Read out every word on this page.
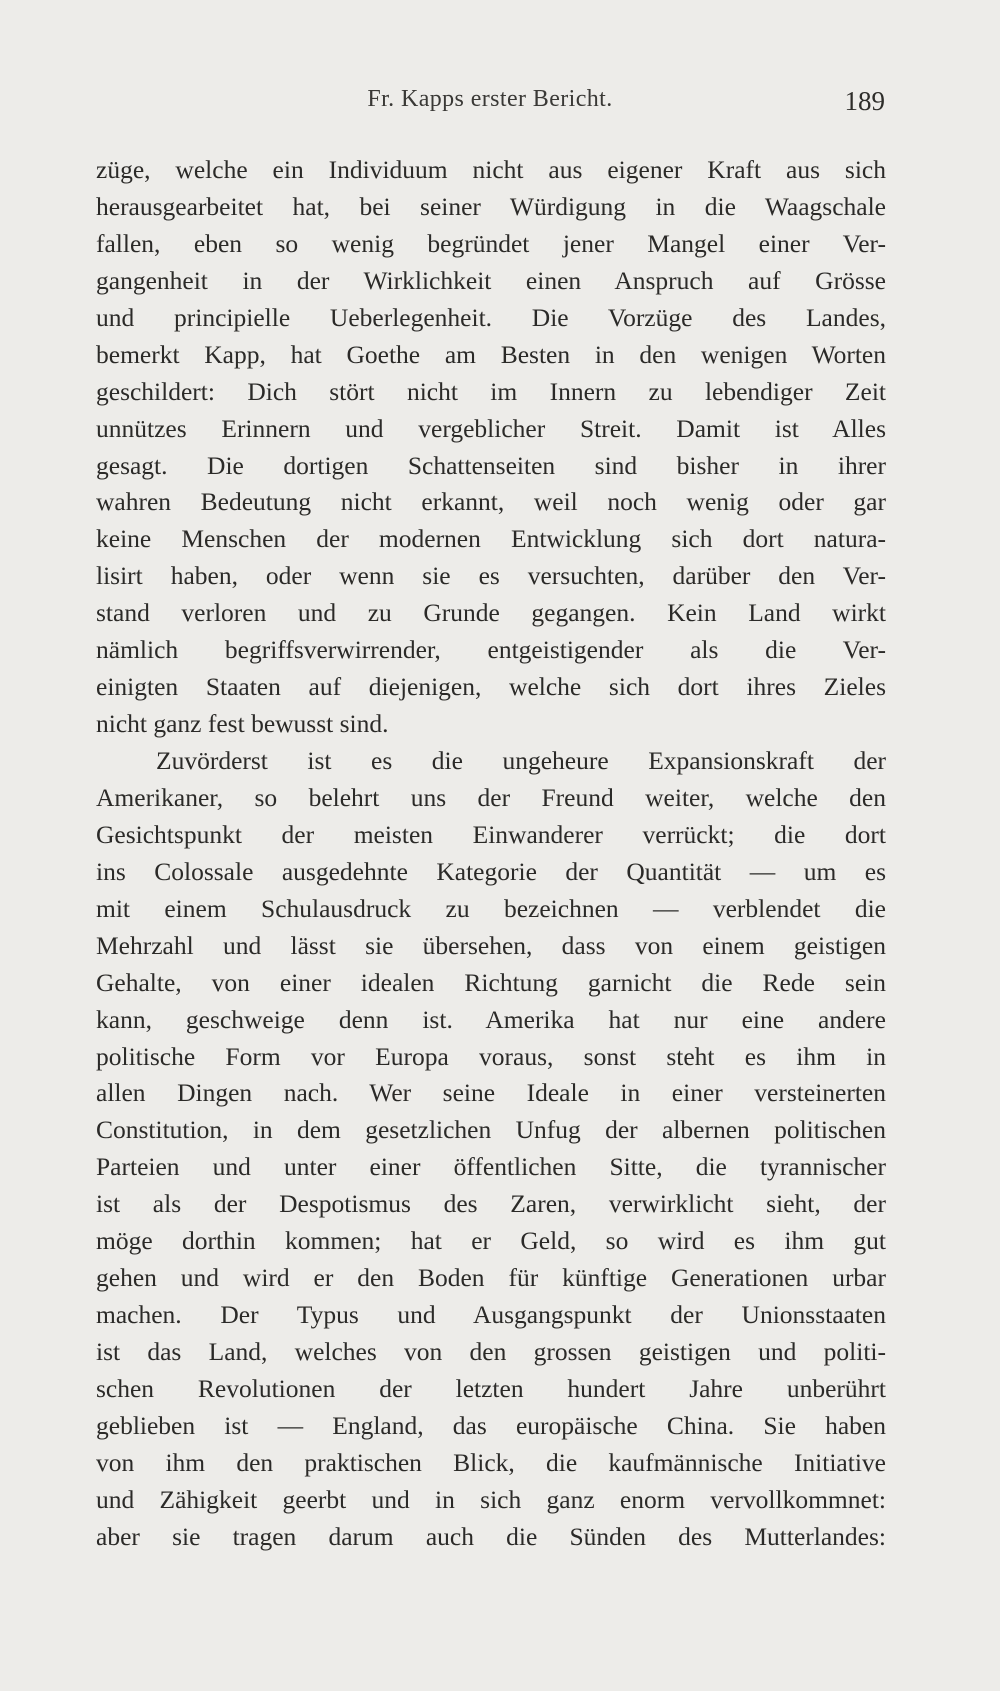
Fr. Kapps erster Bericht.	189
züge, welche ein Individuum nicht aus eigener Kraft aus sich
herausgearbeitet hat, bei seiner Würdigung in die Waagschale
fallen, eben so wenig begründet jener Mangel einer Ver-
gangenheit in der Wirklichkeit einen Anspruch auf Grösse
und principielle Ueberlegenheit. Die Vorzüge des Landes,
bemerkt Kapp, hat Goethe am Besten in den wenigen Worten
geschildert: Dich stört nicht im Innern zu lebendiger Zeit
unnützes Erinnern und vergeblicher Streit. Damit ist Alles
gesagt. Die dortigen Schattenseiten sind bisher in ihrer
wahren Bedeutung nicht erkannt, weil noch wenig oder gar
keine Menschen der modernen Entwicklung sich dort natura-
lisirt haben, oder wenn sie es versuchten, darüber den Ver-
stand verloren und zu Grunde gegangen. Kein Land wirkt
nämlich begriffsverwirrender, entgeistigender als die Ver-
einigten Staaten auf diejenigen, welche sich dort ihres Zieles
nicht ganz fest bewusst sind.
Zuvörderst ist es die ungeheure Expansionskraft der
Amerikaner, so belehrt uns der Freund weiter, welche den
Gesichtspunkt der meisten Einwanderer verrückt; die dort
ins Colossale ausgedehnte Kategorie der Quantität — um es
mit einem Schulausdruck zu bezeichnen — verblendet die
Mehrzahl und lässt sie übersehen, dass von einem geistigen
Gehalte, von einer idealen Richtung garnicht die Rede sein
kann, geschweige denn ist. Amerika hat nur eine andere
politische Form vor Europa voraus, sonst steht es ihm in
allen Dingen nach. Wer seine Ideale in einer versteinerten
Constitution, in dem gesetzlichen Unfug der albernen politischen
Parteien und unter einer öffentlichen Sitte, die tyrannischer
ist als der Despotismus des Zaren, verwirklicht sieht, der
möge dorthin kommen; hat er Geld, so wird es ihm gut
gehen und wird er den Boden für künftige Generationen urbar
machen. Der Typus und Ausgangspunkt der Unionsstaaten
ist das Land, welches von den grossen geistigen und politi-
schen Revolutionen der letzten hundert Jahre unberührt
geblieben ist — England, das europäische China. Sie haben
von ihm den praktischen Blick, die kaufmännische Initiative
und Zähigkeit geerbt und in sich ganz enorm vervollkommnet:
aber sie tragen darum auch die Sünden des Mutterlandes:
